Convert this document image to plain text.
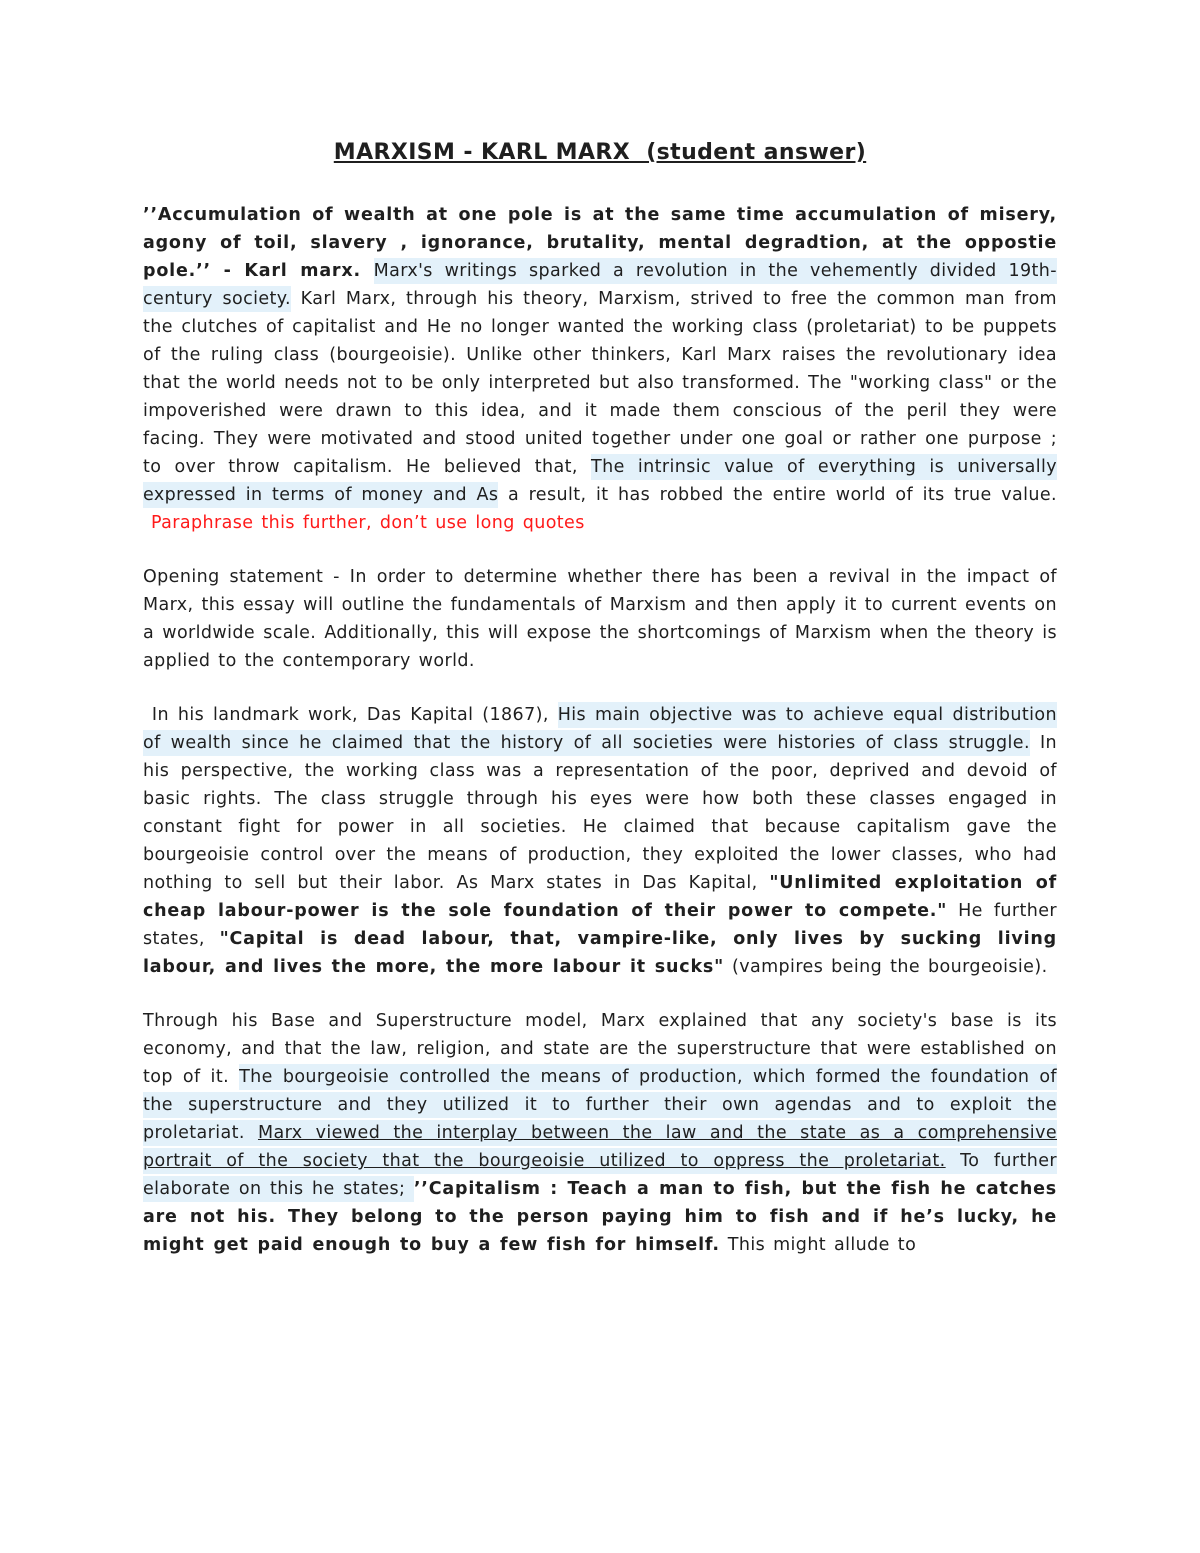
MARXISM - KARL MARX  (student answer)

’’Accumulation of wealth at one pole is at the same time accumulation of misery, agony of toil, slavery , ignorance, brutality, mental degradtion, at the oppostie pole.’’ - Karl marx. Marx's writings sparked a revolution in the vehemently divided 19th-century society. Karl Marx, through his theory, Marxism, strived to free the common man from the clutches of capitalist and He no longer wanted the working class (proletariat) to be puppets of the ruling class (bourgeoisie). Unlike other thinkers, Karl Marx raises the revolutionary idea that the world needs not to be only interpreted but also transformed. The "working class" or the impoverished were drawn to this idea, and it made them conscious of the peril they were facing. They were motivated and stood united together under one goal or rather one purpose ; to over throw capitalism. He believed that, The intrinsic value of everything is universally expressed in terms of money and As a result, it has robbed the entire world of its true value.  Paraphrase this further, don’t use long quotes

Opening statement - In order to determine whether there has been a revival in the impact of Marx, this essay will outline the fundamentals of Marxism and then apply it to current events on a worldwide scale. Additionally, this will expose the shortcomings of Marxism when the theory is applied to the contemporary world.

In his landmark work, Das Kapital (1867), His main objective was to achieve equal distribution of wealth since he claimed that the history of all societies were histories of class struggle. In his perspective, the working class was a representation of the poor, deprived and devoid of basic rights. The class struggle through his eyes were how both these classes engaged in constant fight for power in all societies. He claimed that because capitalism gave the bourgeoisie control over the means of production, they exploited the lower classes, who had nothing to sell but their labor. As Marx states in Das Kapital, "Unlimited exploitation of cheap labour-power is the sole foundation of their power to compete." He further states, "Capital is dead labour, that, vampire-like, only lives by sucking living labour, and lives the more, the more labour it sucks" (vampires being the bourgeoisie).

Through his Base and Superstructure model, Marx explained that any society's base is its economy, and that the law, religion, and state are the superstructure that were established on top of it. The bourgeoisie controlled the means of production, which formed the foundation of the superstructure and they utilized it to further their own agendas and to exploit the proletariat. Marx viewed the interplay between the law and the state as a comprehensive portrait of the society that the bourgeoisie utilized to oppress the proletariat. To further elaborate on this he states; ’’Capitalism : Teach a man to fish, but the fish he catches are not his. They belong to the person paying him to fish and if he’s lucky, he might get paid enough to buy a few fish for himself. This might allude to
